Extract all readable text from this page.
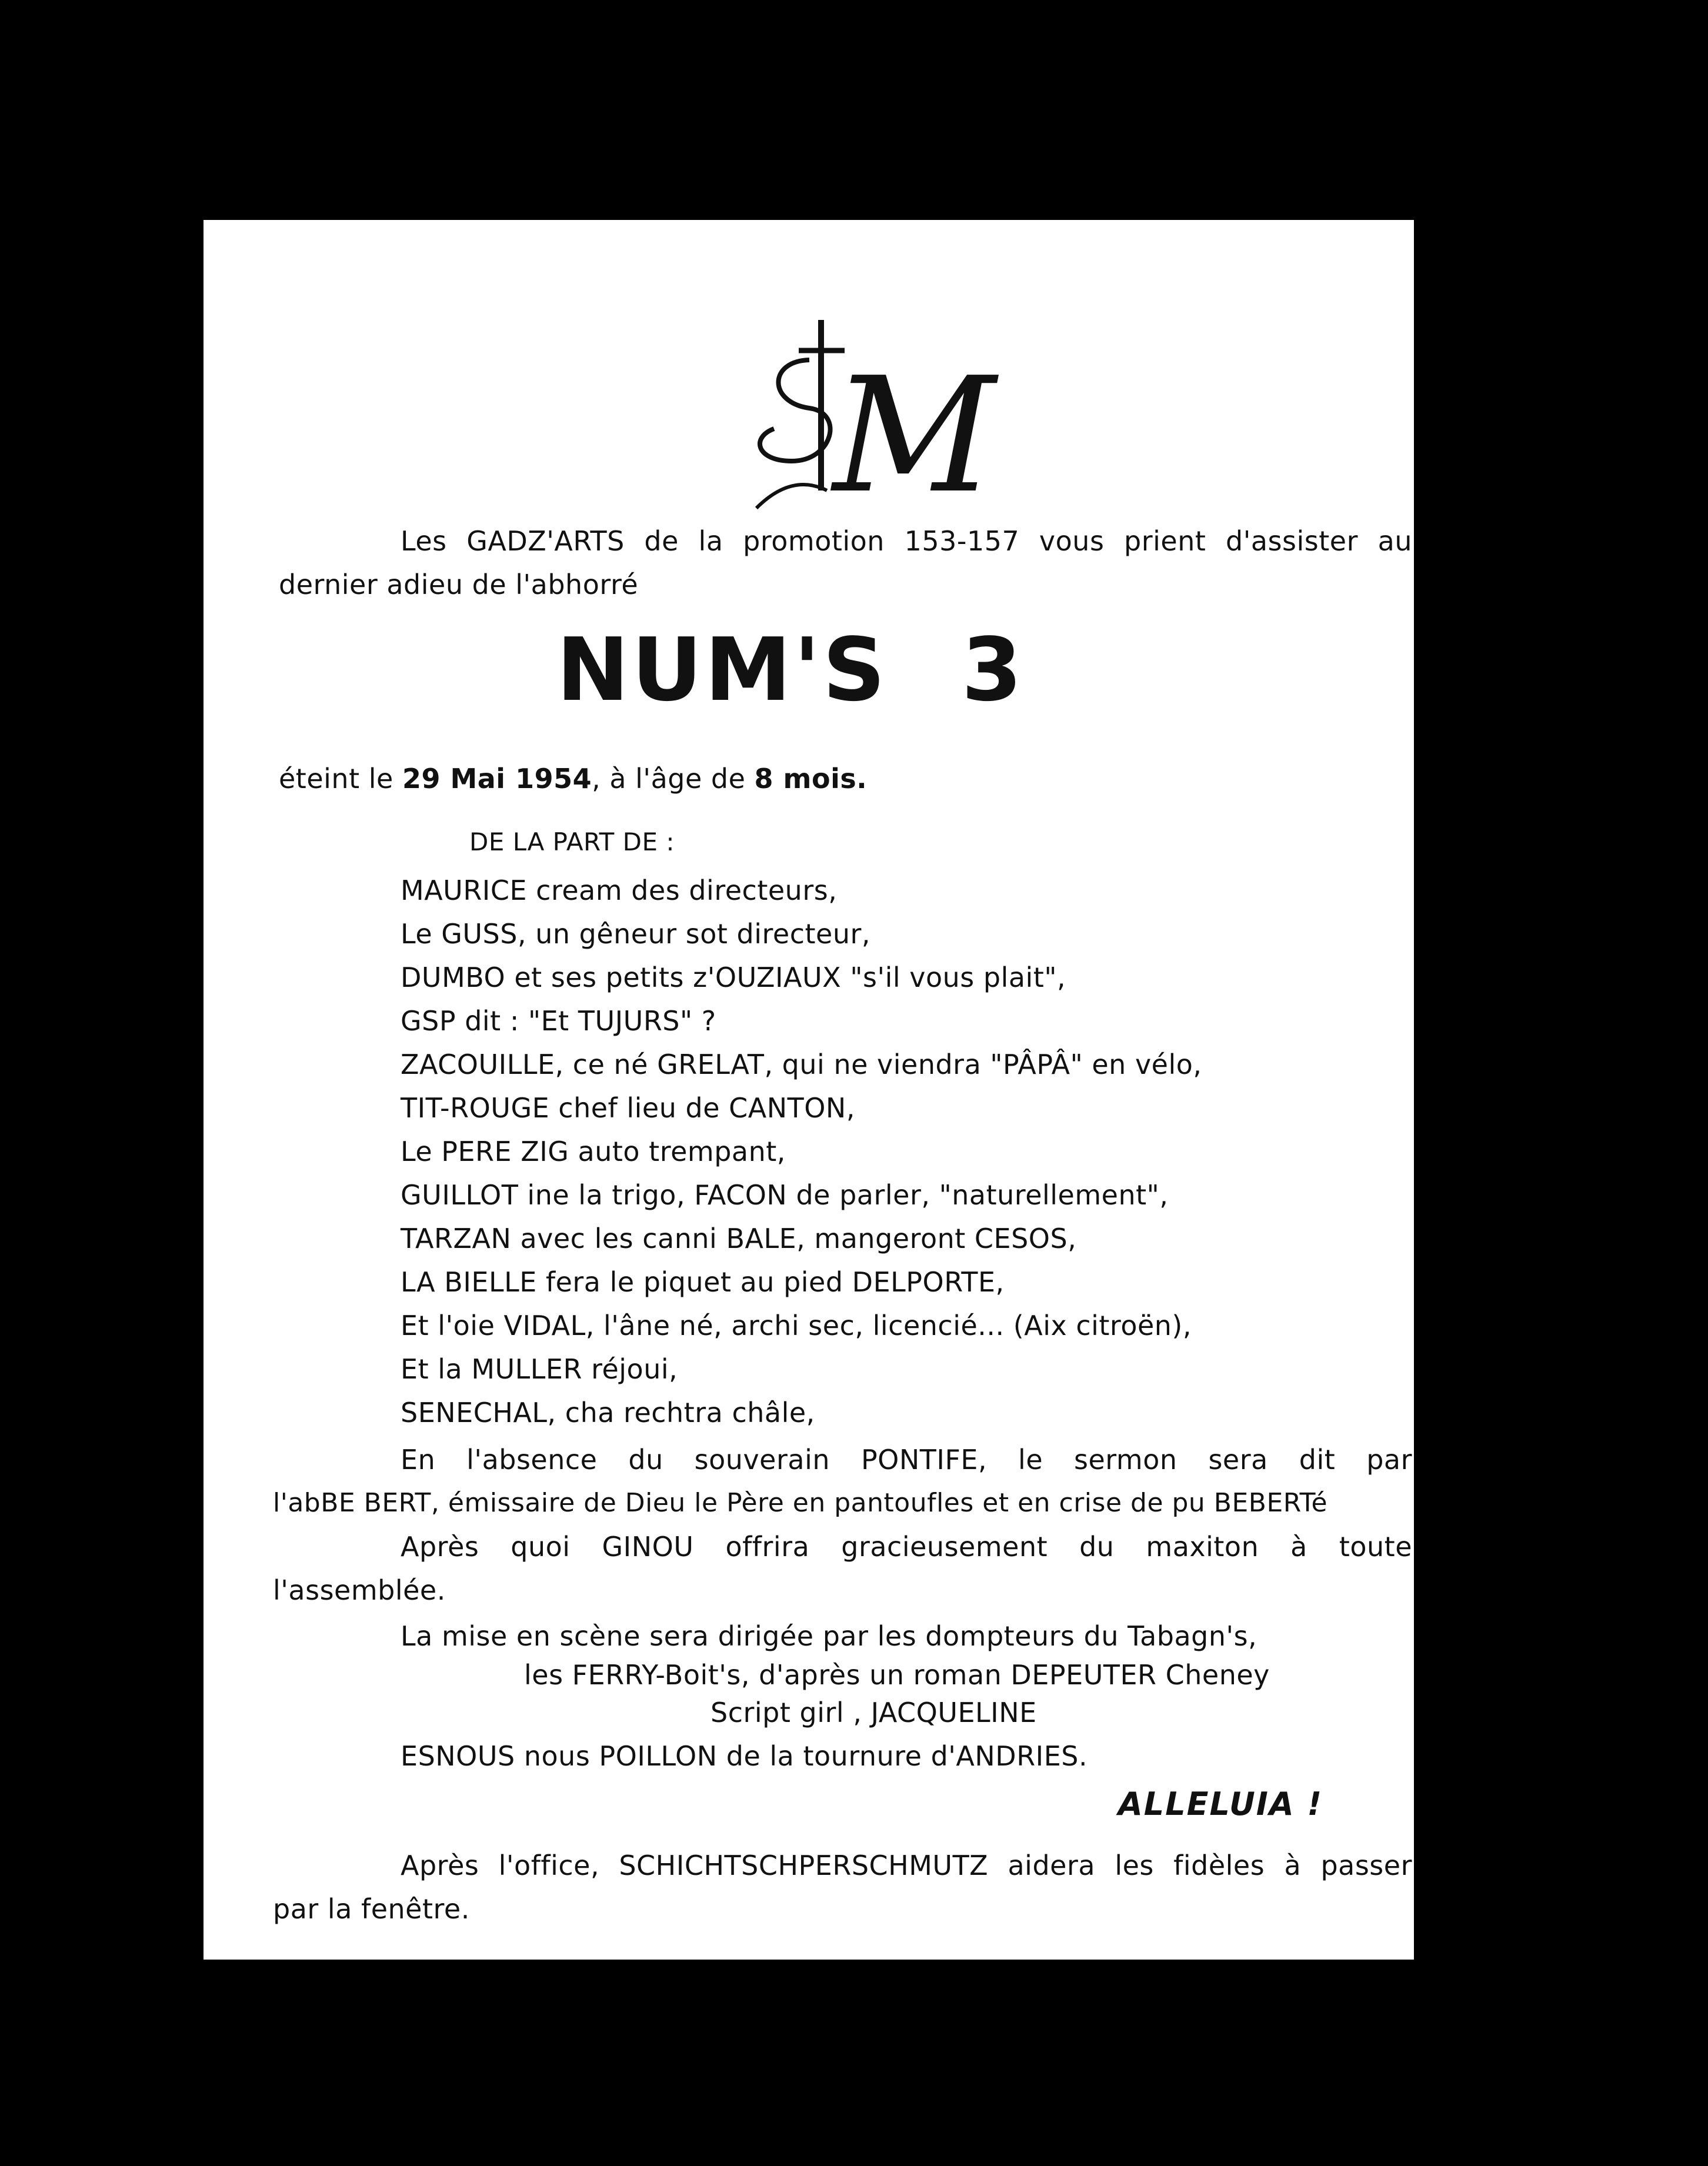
M
Les GADZ'ARTS de la promotion 153-157 vous prient d'assister au
dernier adieu de l'abhorré
NUM'S 3
éteint le 29 Mai 1954, à l'âge de 8 mois.
DE LA PART DE :
MAURICE cream des directeurs,
Le GUSS, un gêneur sot directeur,
DUMBO et ses petits z'OUZIAUX "s'il vous plait",
GSP dit : "Et TUJURS" ?
ZACOUILLE, ce né GRELAT, qui ne viendra "PÂPÂ" en vélo,
TIT-ROUGE chef lieu de CANTON,
Le PERE ZIG auto trempant,
GUILLOT ine la trigo, FACON de parler, "naturellement",
TARZAN avec les canni BALE, mangeront CESOS,
LA BIELLE fera le piquet au pied DELPORTE,
Et l'oie VIDAL, l'âne né, archi sec, licencié... (Aix citroën),
Et la MULLER réjoui,
SENECHAL, cha rechtra châle,
En l'absence du souverain PONTIFE, le sermon sera dit par
l'abBE BERT, émissaire de Dieu le Père en pantoufles et en crise de pu BEBERTé
Après quoi GINOU offrira gracieusement du maxiton à toute
l'assemblée.
La mise en scène sera dirigée par les dompteurs du Tabagn's,
les FERRY-Boit's, d'après un roman DEPEUTER Cheney
Script girl , JACQUELINE
ESNOUS nous POILLON de la tournure d'ANDRIES.
ALLELUIA !
Après l'office, SCHICHTSCHPERSCHMUTZ aidera les fidèles à passer
par la fenêtre.
